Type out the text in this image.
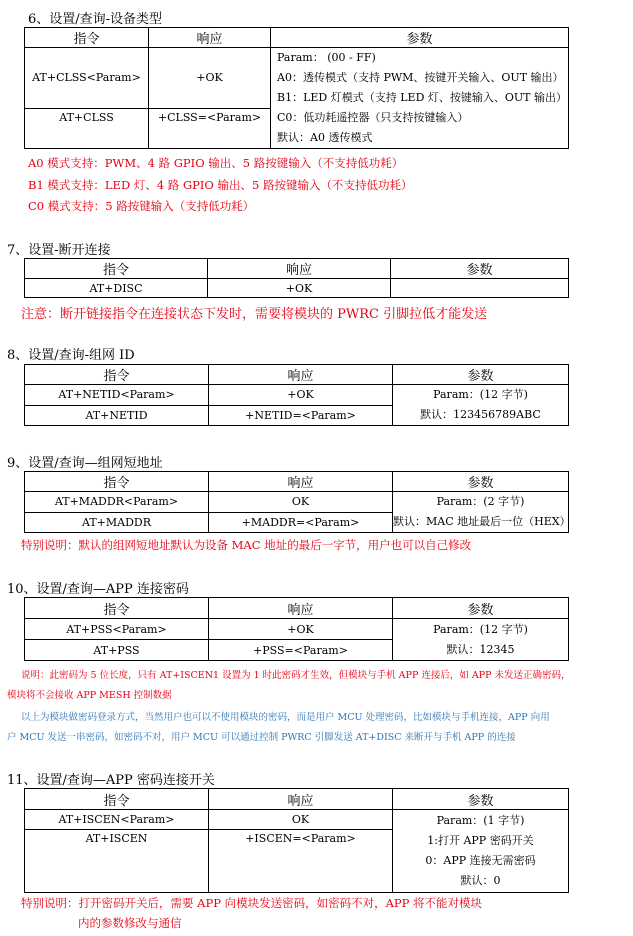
6、设置/查询-设备类型
指令	响应	参数
AT+CLSS<Param>	+OK	Param： (00 - FF)
A0：透传模式（支持 PWM、按键开关输入、OUT 输出）
B1：LED 灯模式（支持 LED 灯、按键输入、OUT 输出）
C0：低功耗遥控器（只支持按键输入）
默认：A0 透传模式

AT+CLSS	+CLSS=<Param>	
A0 模式支持：PWM、4 路 GPIO 输出、5 路按键输入（不支持低功耗）
B1 模式支持：LED 灯、4 路 GPIO 输出、5 路按键输入（不支持低功耗）
C0 模式支持：5 路按键输入（支持低功耗）
7、设置-断开连接
指令	响应	参数
AT+DISC	+OK	
注意：断开链接指令在连接状态下发时，需要将模块的 PWRC 引脚拉低才能发送
8、设置/查询-组网 ID
指令	响应	参数
AT+NETID<Param>	+OK	Param：(12 字节)
默认：123456789ABC

AT+NETID	+NETID=<Param>	
9、设置/查询—组网短地址
指令	响应	参数
AT+MADDR<Param>	OK	Param：(2 字节)
默认：MAC 地址最后一位（HEX）

AT+MADDR	+MADDR=<Param>	
特别说明：默认的组网短地址默认为设备 MAC 地址的最后一字节，用户也可以自己修改
10、设置/查询—APP 连接密码
指令	响应	参数
AT+PSS<Param>	+OK	Param：(12 字节)
默认：12345

AT+PSS	+PSS=<Param>	
说明：此密码为 5 位长度，只有 AT+ISCEN1 设置为 1 时此密码才生效，但模块与手机 APP 连接后，如 APP 未发送正确密码，
模块将不会接收 APP MESH 控制数据
以上为模块做密码登录方式，当然用户也可以不使用模块的密码，而是用户 MCU 处理密码，比如模块与手机连接，APP 向用
户 MCU 发送一串密码，如密码不对，用户 MCU 可以通过控制 PWRC 引脚发送 AT+DISC 来断开与手机 APP 的连接
11、设置/查询—APP 密码连接开关
指令	响应	参数
AT+ISCEN<Param>	OK	Param：(1 字节)
1:打开 APP 密码开关
0：APP 连接无需密码
默认：0

AT+ISCEN	+ISCEN=<Param>	
特别说明：打开密码开关后，需要 APP 向模块发送密码，如密码不对，APP 将不能对模块
内的参数修改与通信
